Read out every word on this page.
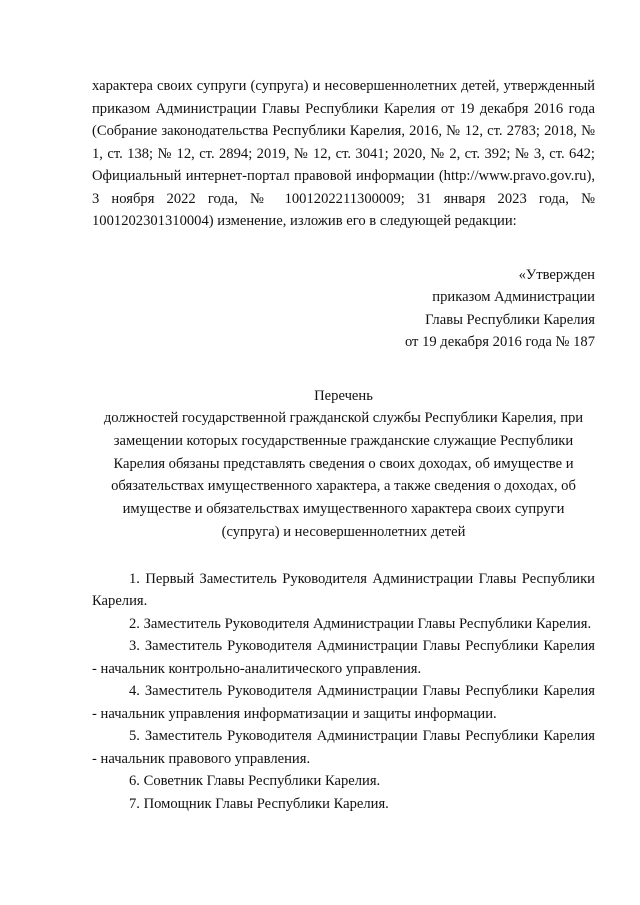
характера своих супруги (супруга) и несовершеннолетних детей, утвержденный приказом Администрации Главы Республики Карелия от 19 декабря 2016 года (Собрание законодательства Республики Карелия, 2016, № 12, ст. 2783; 2018, № 1, ст. 138; № 12, ст. 2894; 2019, № 12, ст. 3041; 2020, № 2, ст. 392; № 3, ст. 642; Официальный интернет-портал правовой информации (http://www.pravo.gov.ru), 3 ноября 2022 года, № 1001202211300009; 31 января 2023 года, № 1001202301310004) изменение, изложив его в следующей редакции:

«Утвержден
приказом Администрации
Главы Республики Карелия
от 19 декабря 2016 года № 187
Перечень
должностей государственной гражданской службы Республики Карелия, при замещении которых государственные гражданские служащие Республики Карелия обязаны представлять сведения о своих доходах, об имуществе и обязательствах имущественного характера, а также сведения о доходах, об имуществе и обязательствах имущественного характера своих супруги (супруга) и несовершеннолетних детей

1. Первый Заместитель Руководителя Администрации Главы Республики Карелия.

2. Заместитель Руководителя Администрации Главы Республики Карелия.

3. Заместитель Руководителя Администрации Главы Республики Карелия - начальник контрольно-аналитического управления.

4. Заместитель Руководителя Администрации Главы Республики Карелия - начальник управления информатизации и защиты информации.

5. Заместитель Руководителя Администрации Главы Республики Карелия - начальник правового управления.

6. Советник Главы Республики Карелия.

7. Помощник Главы Республики Карелия.
